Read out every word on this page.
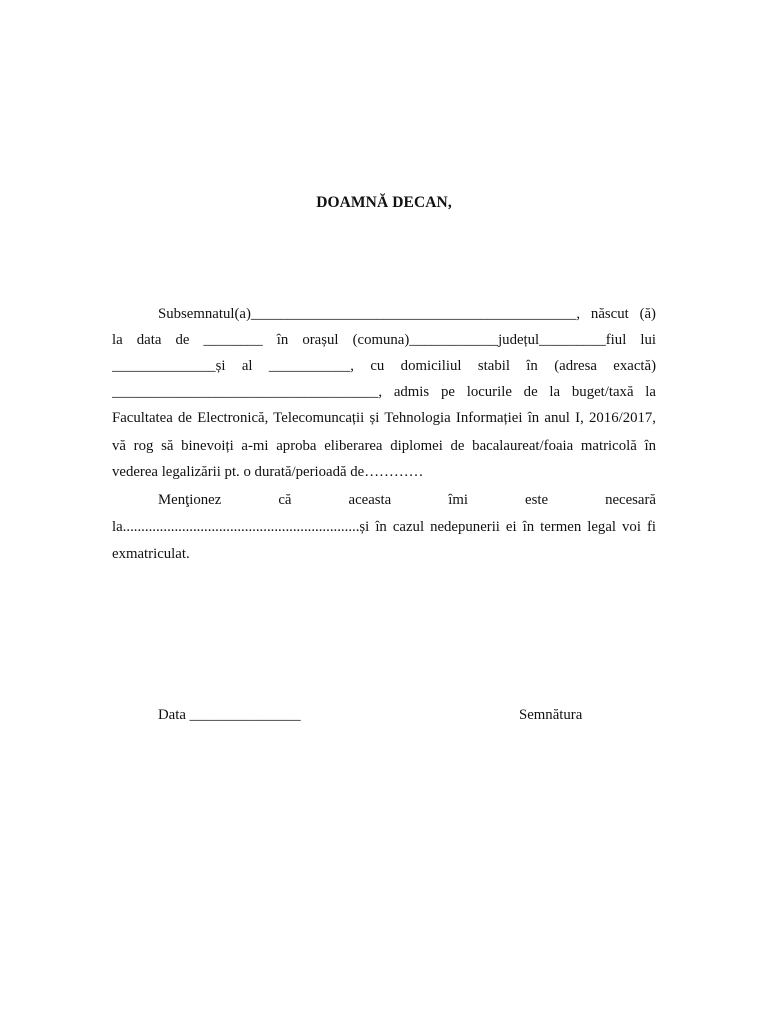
DOAMNĂ DECAN,
Subsemnatul(a)____________________________________________, născut (ă)
la data de ________ în orașul (comuna)____________județul_________fiul lui
______________și al ___________, cu domiciliul stabil în (adresa exactă)
____________________________________, admis pe locurile de la buget/taxă la
Facultatea de Electronică, Telecomuncații și Tehnologia Informației în anul I, 2016/2017,
vă rog să binevoiți a-mi aproba eliberarea diplomei de bacalaureat/foaia matricolă în
vederea legalizării pt. o durată/perioadă de…………
Menţionez că aceasta îmi este necesară
la................................................................și în cazul nedepunerii ei în termen legal voi fi
exmatriculat.
Data _______________	Semnătura
